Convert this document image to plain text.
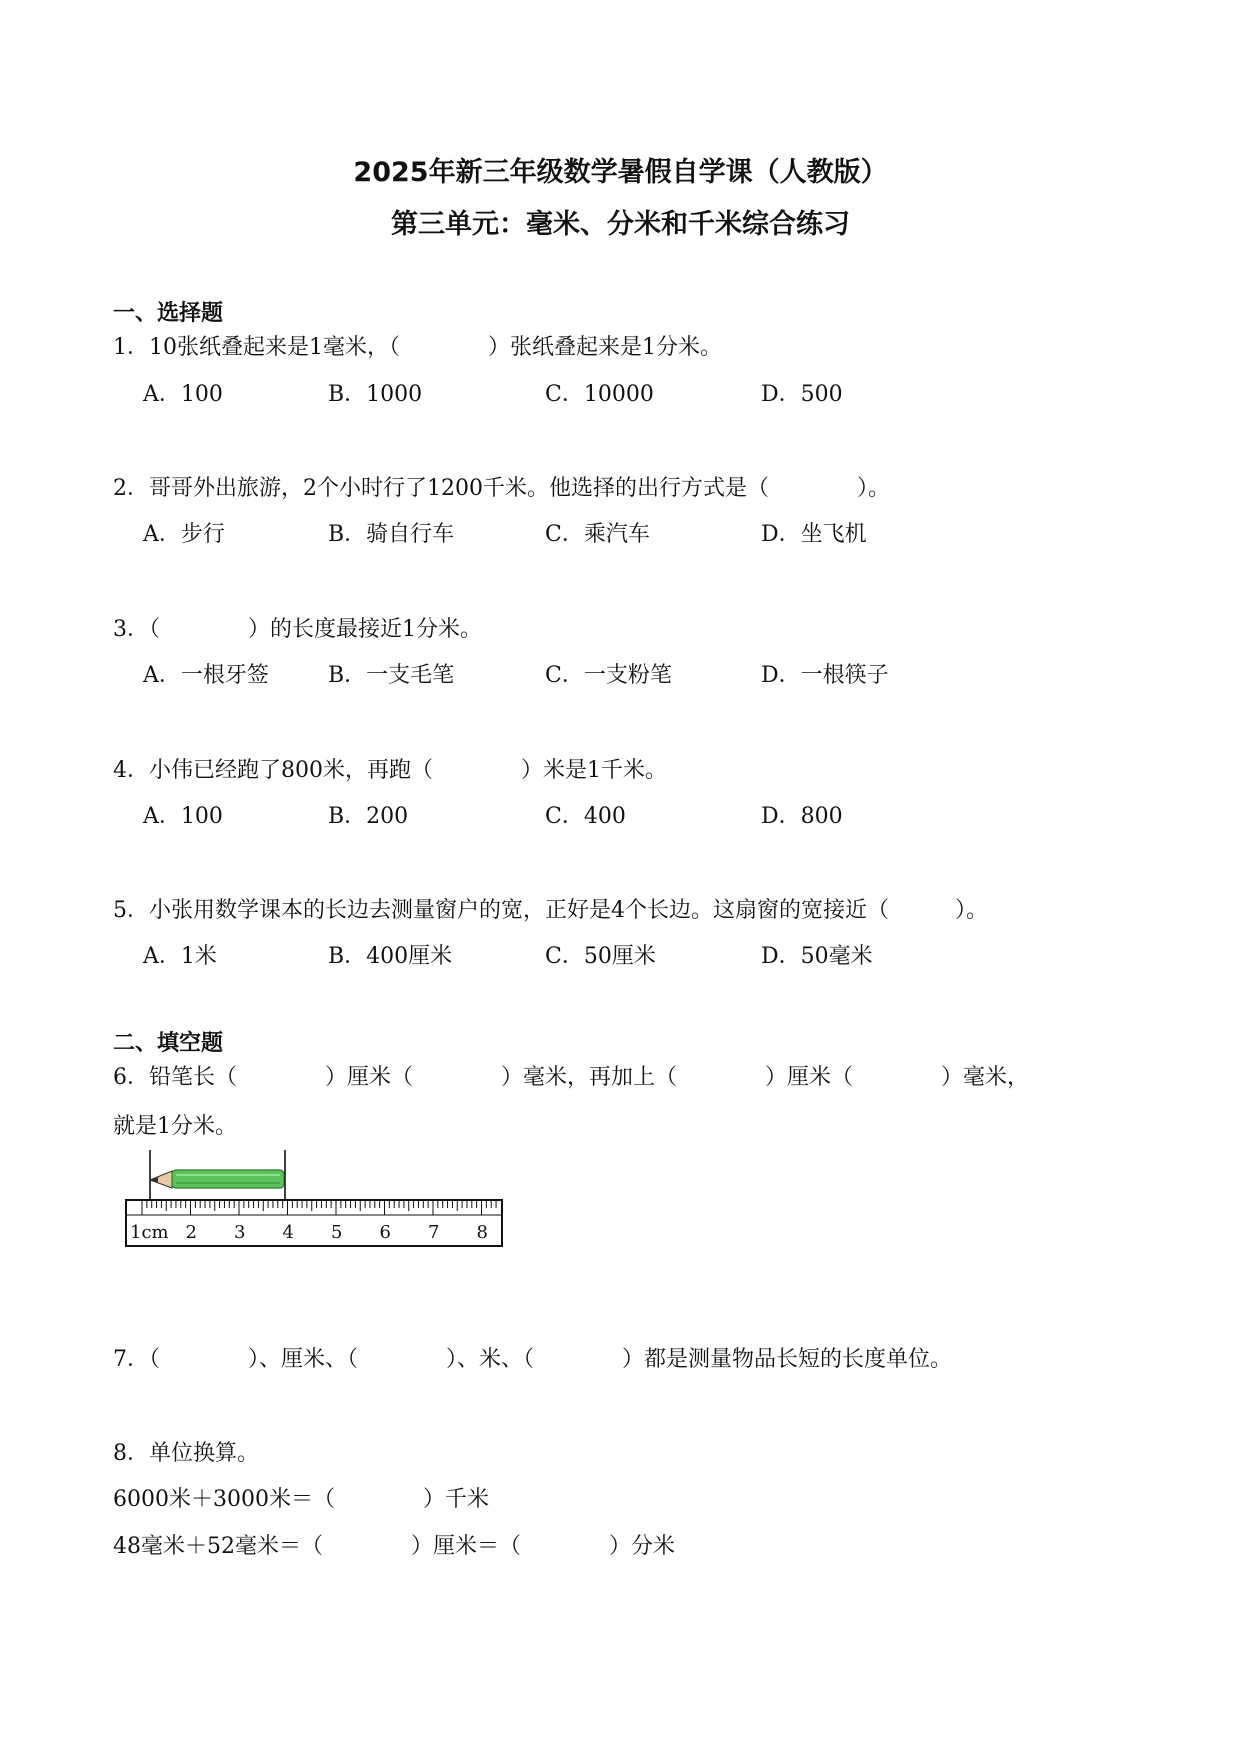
2025年新三年级数学暑假自学课（人教版）
第三单元：毫米、分米和千米综合练习
一、选择题
1．10张纸叠起来是1毫米，（　　　　）张纸叠起来是1分米。
A．100	B．1000	C．10000	D．500
2．哥哥外出旅游，2个小时行了1200千米。他选择的出行方式是（　　　　）。
A．步行	B．骑自行车	C．乘汽车	D．坐飞机
3．（　　　　）的长度最接近1分米。
A．一根牙签	B．一支毛笔	C．一支粉笔	D．一根筷子
4．小伟已经跑了800米，再跑（　　　　）米是1千米。
A．100	B．200	C．400	D．800
5．小张用数学课本的长边去测量窗户的宽，正好是4个长边。这扇窗的宽接近（　　　）。
A．1米	B．400厘米	C．50厘米	D．50毫米
二、填空题
6．铅笔长（　　　　）厘米（　　　　）毫米，再加上（　　　　）厘米（　　　　）毫米，
就是1分米。
1cm 2 3 4 5 6 7 8
7．（　　　　）、厘米、（　　　　）、米、（　　　　）都是测量物品长短的长度单位。
8．单位换算。
6000米＋3000米＝（　　　　）千米
48毫米＋52毫米＝（　　　　）厘米＝（　　　　）分米
